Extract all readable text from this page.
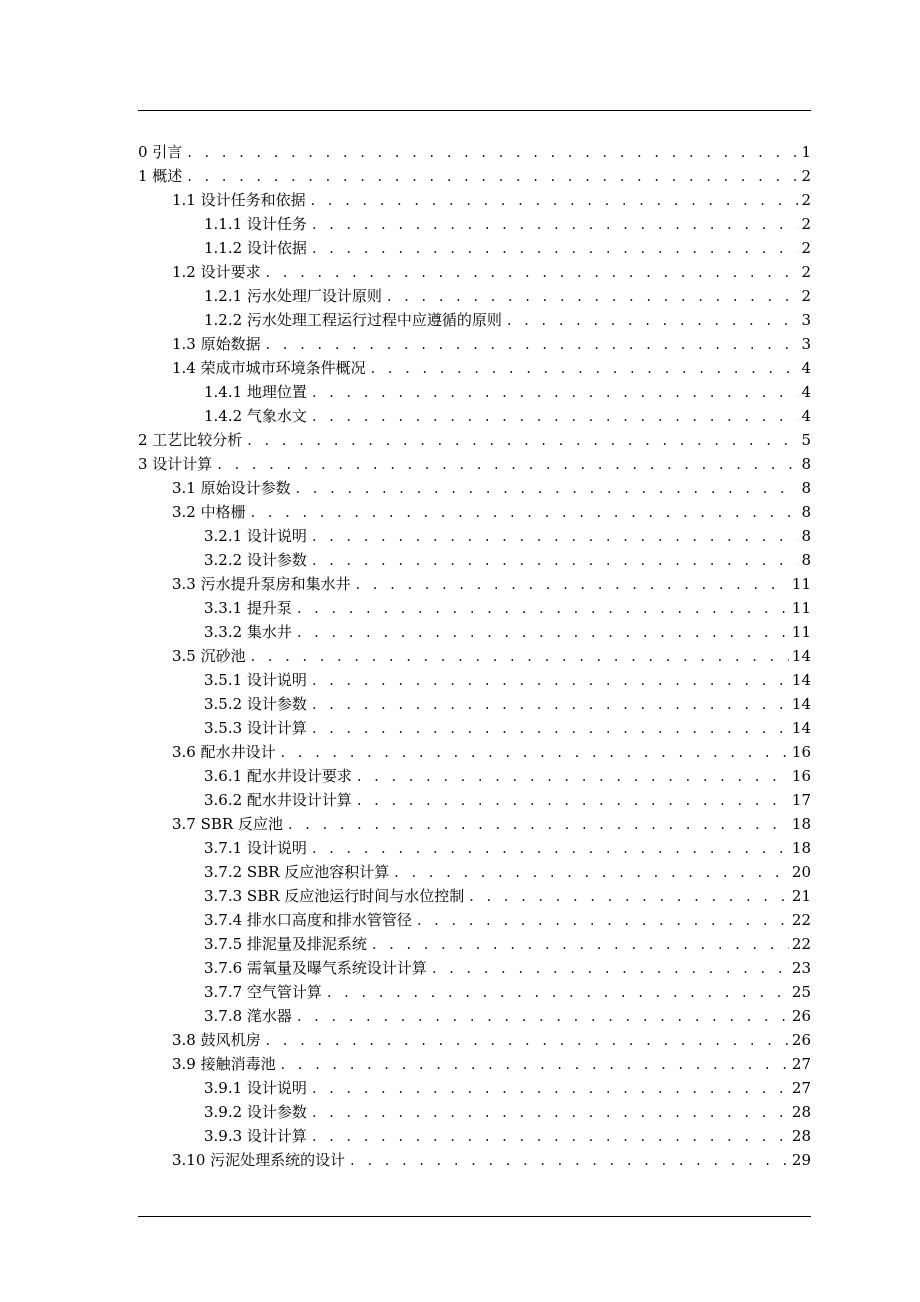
0 引言 . . .	1
1 概述 . . .	2
1.1 设计任务和依据 . . .	2
1.1.1 设计任务 . . .	2
1.1.2 设计依据 . . .	2
1.2 设计要求 . . .	2
1.2.1 污水处理厂设计原则 . . .	2
1.2.2 污水处理工程运行过程中应遵循的原则 . . .	3
1.3 原始数据 . . .	3
1.4 荣成市城市环境条件概况 . . .	4
1.4.1 地理位置 . . .	4
1.4.2 气象水文 . . .	4
2 工艺比较分析 . . .	5
3 设计计算 . . .	8
3.1 原始设计参数 . . .	8
3.2 中格栅 . . .	8
3.2.1 设计说明 . . .	8
3.2.2 设计参数 . . .	8
3.3 污水提升泵房和集水井 . . .	11
3.3.1 提升泵 . . .	11
3.3.2 集水井 . . .	11
3.5 沉砂池 . . .	14
3.5.1 设计说明 . . .	14
3.5.2 设计参数 . . .	14
3.5.3 设计计算 . . .	14
3.6 配水井设计 . . .	16
3.6.1 配水井设计要求 . . .	16
3.6.2 配水井设计计算 . . .	17
3.7 SBR 反应池 . . .	18
3.7.1 设计说明 . . .	18
3.7.2 SBR 反应池容积计算 . . .	20
3.7.3 SBR 反应池运行时间与水位控制 . . .	21
3.7.4 排水口高度和排水管管径 . . .	22
3.7.5 排泥量及排泥系统 . . .	22
3.7.6 需氧量及曝气系统设计计算 . . .	23
3.7.7 空气管计算 . . .	25
3.7.8 滗水器 . . .	26
3.8 鼓风机房 . . .	26
3.9 接触消毒池 . . .	27
3.9.1 设计说明 . . .	27
3.9.2 设计参数 . . .	28
3.9.3 设计计算 . . .	28
3.10 污泥处理系统的设计 . . .	29
